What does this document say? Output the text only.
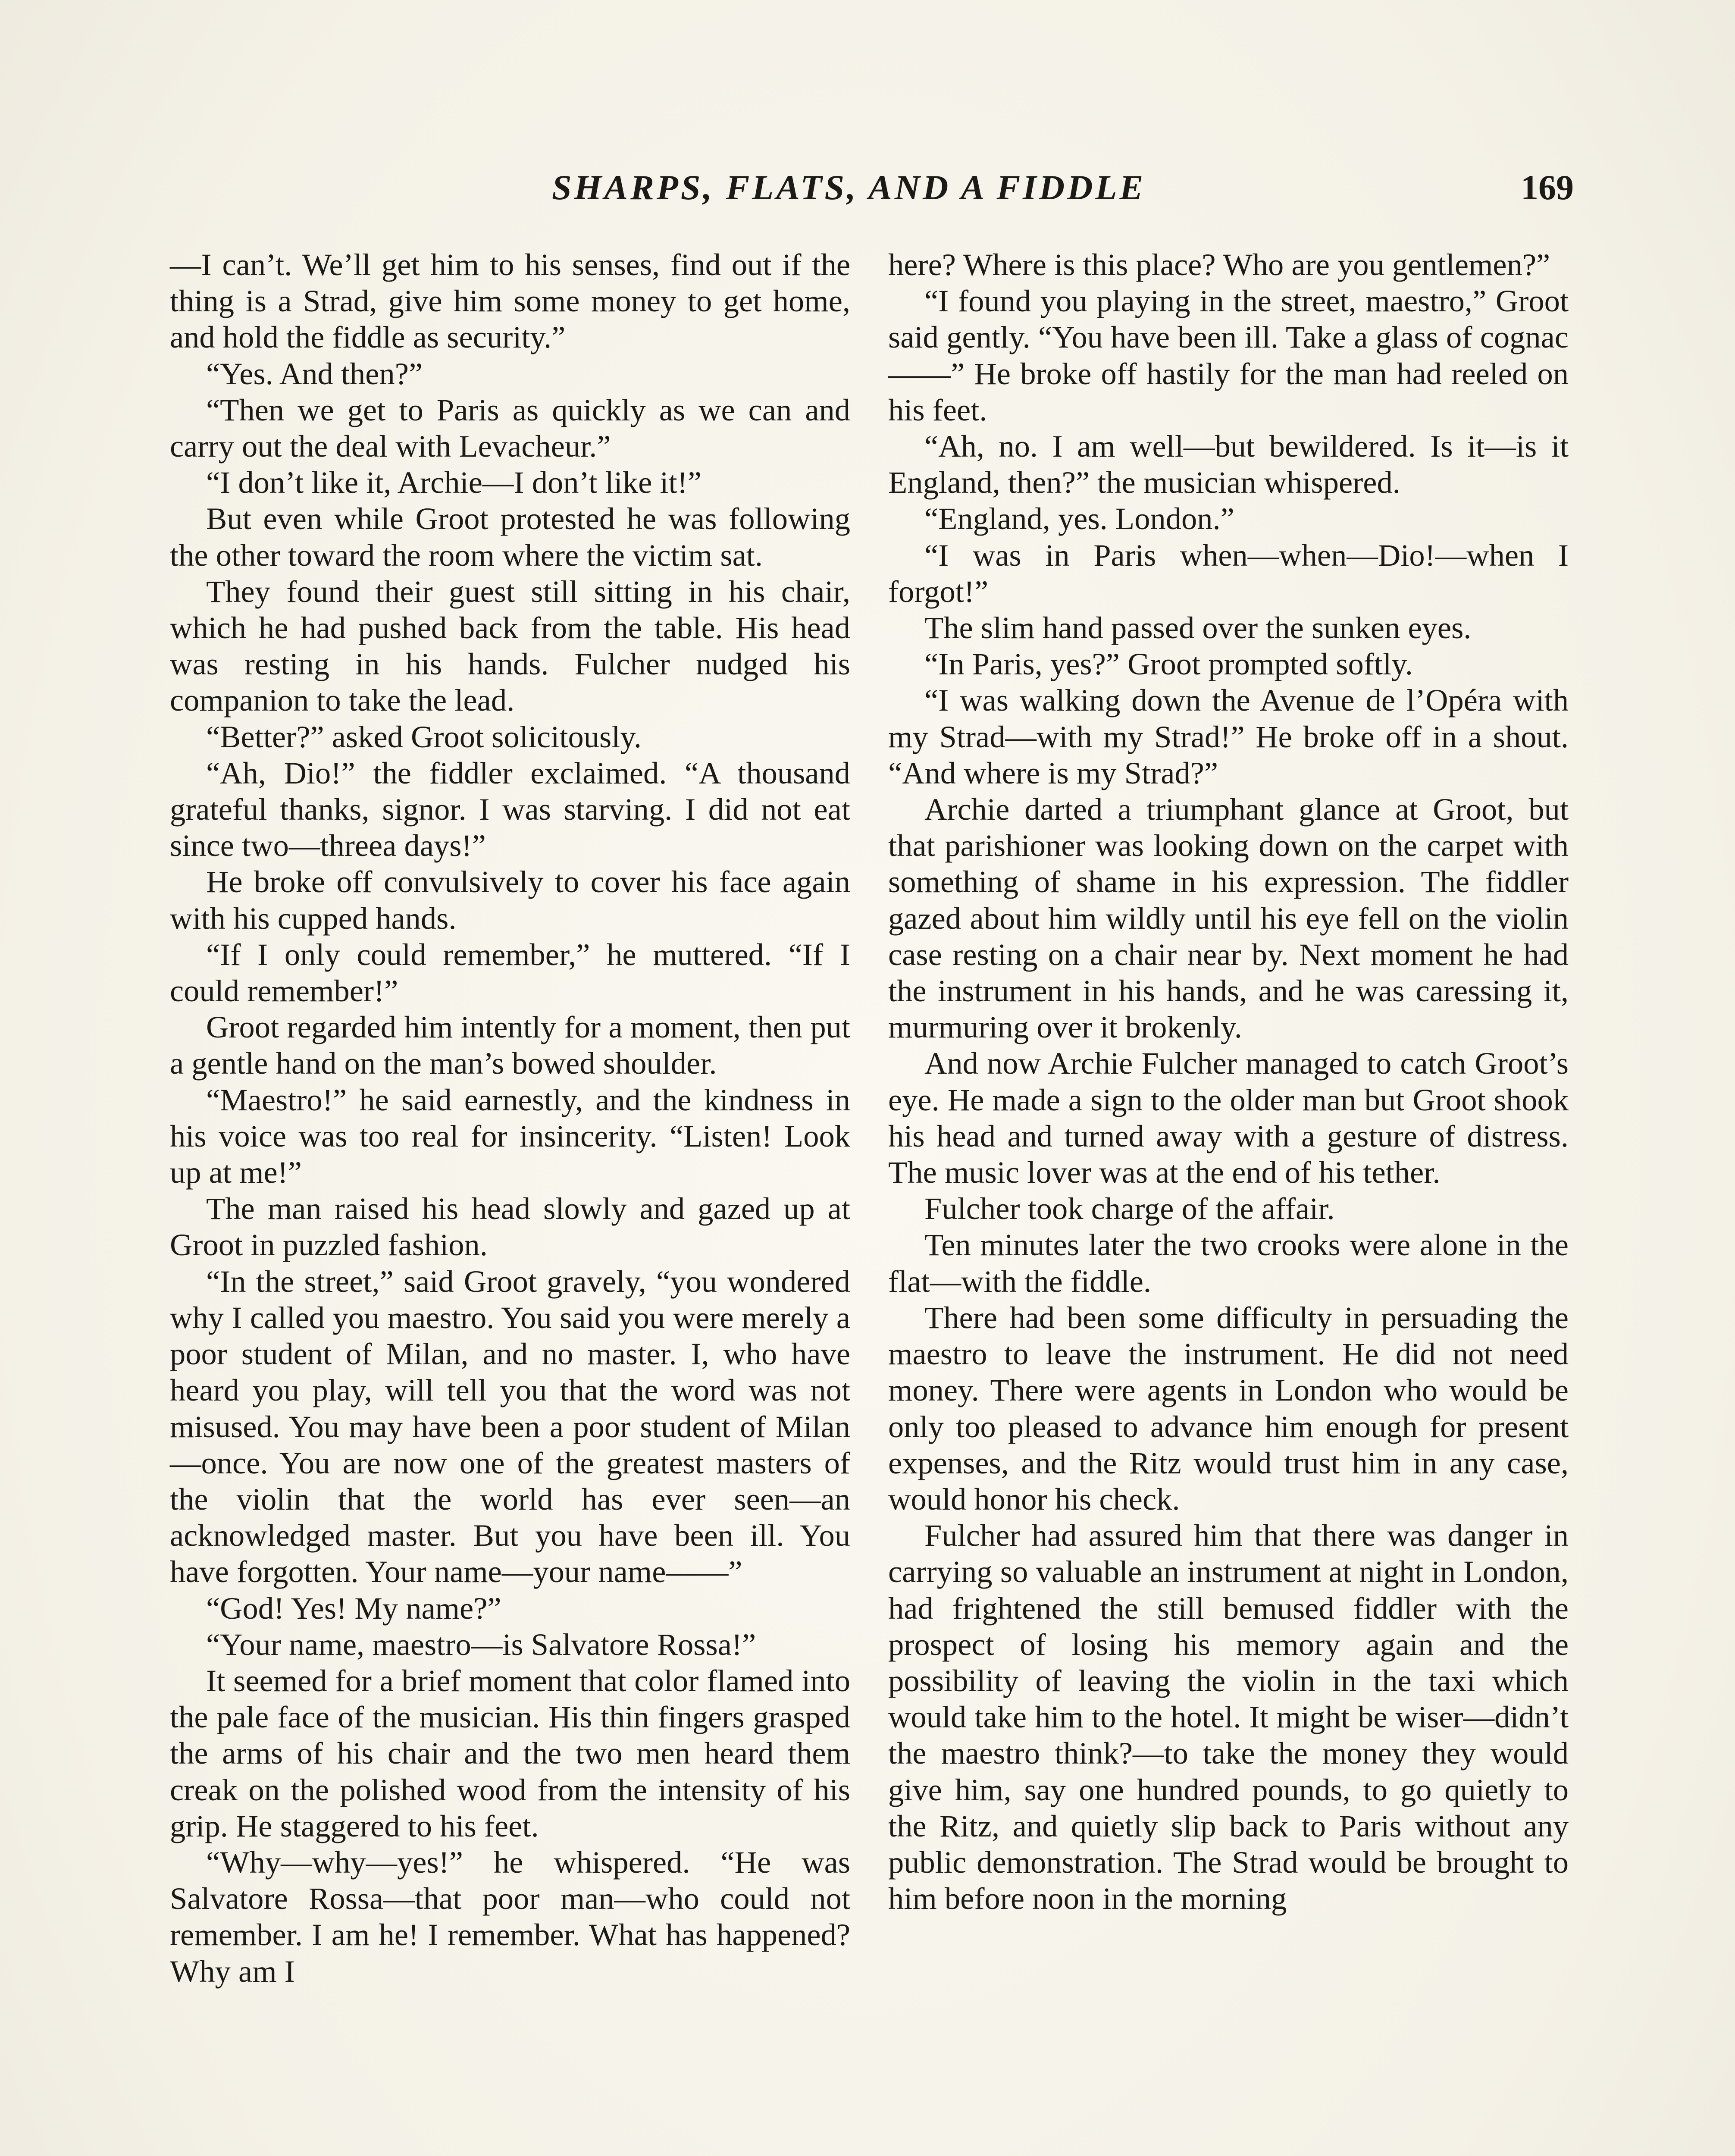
SHARPS, FLATS, AND A FIDDLE	169

—I can’t. We’ll get him to his senses, find out if the thing is a Strad, give him some money to get home, and hold the fiddle as security.”

“Yes. And then?”

“Then we get to Paris as quickly as we can and carry out the deal with Levacheur.”

“I don’t like it, Archie—I don’t like it!”

But even while Groot protested he was following the other toward the room where the victim sat.

They found their guest still sitting in his chair, which he had pushed back from the table. His head was resting in his hands. Fulcher nudged his companion to take the lead.

“Better?” asked Groot solicitously.

“Ah, Dio!” the fiddler exclaimed. “A thousand grateful thanks, signor. I was starving. I did not eat since two—threea days!”

He broke off convulsively to cover his face again with his cupped hands.

“If I only could remember,” he muttered. “If I could remember!”

Groot regarded him intently for a moment, then put a gentle hand on the man’s bowed shoulder.

“Maestro!” he said earnestly, and the kindness in his voice was too real for insincerity. “Listen! Look up at me!”

The man raised his head slowly and gazed up at Groot in puzzled fashion.

“In the street,” said Groot gravely, “you wondered why I called you maestro. You said you were merely a poor student of Milan, and no master. I, who have heard you play, will tell you that the word was not misused. You may have been a poor student of Milan—once. You are now one of the greatest masters of the violin that the world has ever seen—an acknowledged master. But you have been ill. You have forgotten. Your name—your name——”

“God! Yes! My name?”

“Your name, maestro—is Salvatore Rossa!”

It seemed for a brief moment that color flamed into the pale face of the musician. His thin fingers grasped the arms of his chair and the two men heard them creak on the polished wood from the intensity of his grip. He staggered to his feet.

“Why—why—yes!” he whispered. “He was Salvatore Rossa—that poor man—who could not remember. I am he! I remember. What has happened? Why am I

here? Where is this place? Who are you gentlemen?”

“I found you playing in the street, maestro,” Groot said gently. “You have been ill. Take a glass of cognac——” He broke off hastily for the man had reeled on his feet.

“Ah, no. I am well—but bewildered. Is it—is it England, then?” the musician whispered.

“England, yes. London.”

“I was in Paris when—when—Dio!—when I forgot!”

The slim hand passed over the sunken eyes.

“In Paris, yes?” Groot prompted softly.

“I was walking down the Avenue de l’Opéra with my Strad—with my Strad!” He broke off in a shout. “And where is my Strad?”

Archie darted a triumphant glance at Groot, but that parishioner was looking down on the carpet with something of shame in his expression. The fiddler gazed about him wildly until his eye fell on the violin case resting on a chair near by. Next moment he had the instrument in his hands, and he was caressing it, murmuring over it brokenly.

And now Archie Fulcher managed to catch Groot’s eye. He made a sign to the older man but Groot shook his head and turned away with a gesture of distress. The music lover was at the end of his tether.

Fulcher took charge of the affair.

Ten minutes later the two crooks were alone in the flat—with the fiddle.

There had been some difficulty in persuading the maestro to leave the instrument. He did not need money. There were agents in London who would be only too pleased to advance him enough for present expenses, and the Ritz would trust him in any case, would honor his check.

Fulcher had assured him that there was danger in carrying so valuable an instrument at night in London, had frightened the still bemused fiddler with the prospect of losing his memory again and the possibility of leaving the violin in the taxi which would take him to the hotel. It might be wiser—didn’t the maestro think?—to take the money they would give him, say one hundred pounds, to go quietly to the Ritz, and quietly slip back to Paris without any public demonstration. The Strad would be brought to him before noon in the morning
